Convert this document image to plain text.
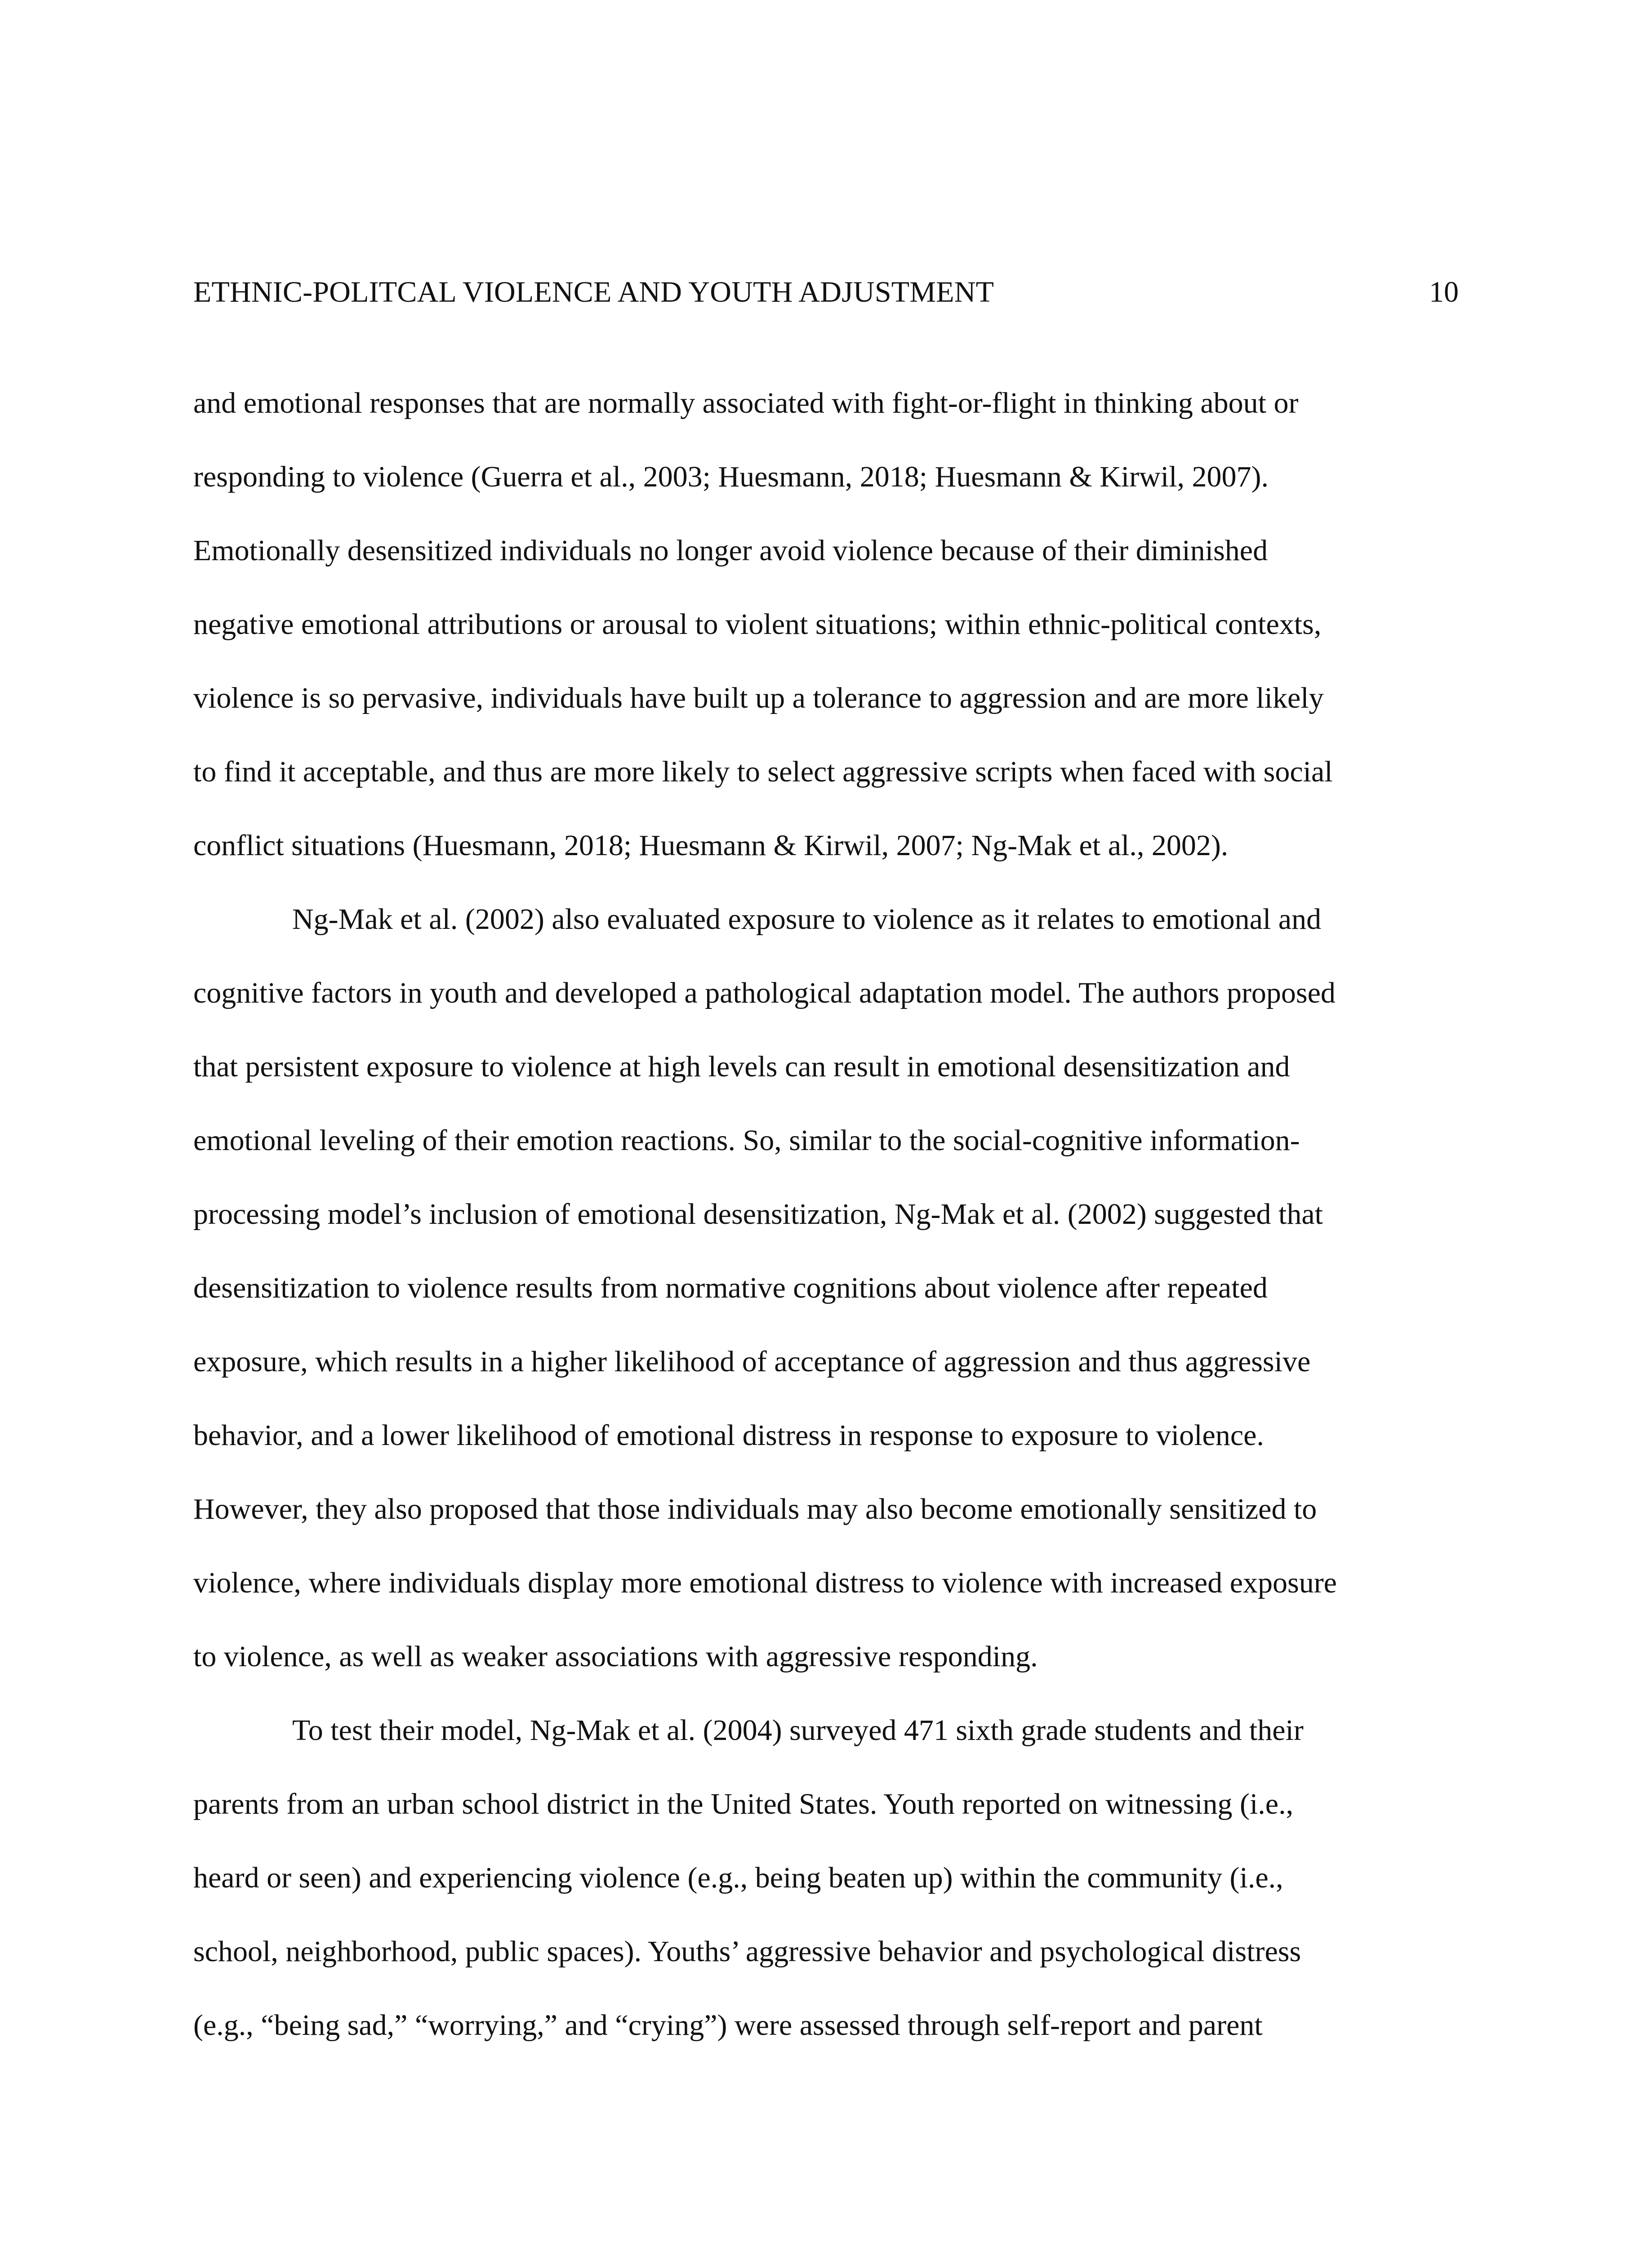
ETHNIC-POLITCAL VIOLENCE AND YOUTH ADJUSTMENT	10
and emotional responses that are normally associated with fight-or-flight in thinking about or
responding to violence (Guerra et al., 2003; Huesmann, 2018; Huesmann & Kirwil, 2007).
Emotionally desensitized individuals no longer avoid violence because of their diminished
negative emotional attributions or arousal to violent situations; within ethnic-political contexts,
violence is so pervasive, individuals have built up a tolerance to aggression and are more likely
to find it acceptable, and thus are more likely to select aggressive scripts when faced with social
conflict situations (Huesmann, 2018; Huesmann & Kirwil, 2007; Ng-Mak et al., 2002).
Ng-Mak et al. (2002) also evaluated exposure to violence as it relates to emotional and
cognitive factors in youth and developed a pathological adaptation model. The authors proposed
that persistent exposure to violence at high levels can result in emotional desensitization and
emotional leveling of their emotion reactions. So, similar to the social-cognitive information-
processing model’s inclusion of emotional desensitization, Ng-Mak et al. (2002) suggested that
desensitization to violence results from normative cognitions about violence after repeated
exposure, which results in a higher likelihood of acceptance of aggression and thus aggressive
behavior, and a lower likelihood of emotional distress in response to exposure to violence.
However, they also proposed that those individuals may also become emotionally sensitized to
violence, where individuals display more emotional distress to violence with increased exposure
to violence, as well as weaker associations with aggressive responding.
To test their model, Ng-Mak et al. (2004) surveyed 471 sixth grade students and their
parents from an urban school district in the United States. Youth reported on witnessing (i.e.,
heard or seen) and experiencing violence (e.g., being beaten up) within the community (i.e.,
school, neighborhood, public spaces). Youths’ aggressive behavior and psychological distress
(e.g., “being sad,” “worrying,” and “crying”) were assessed through self-report and parent
